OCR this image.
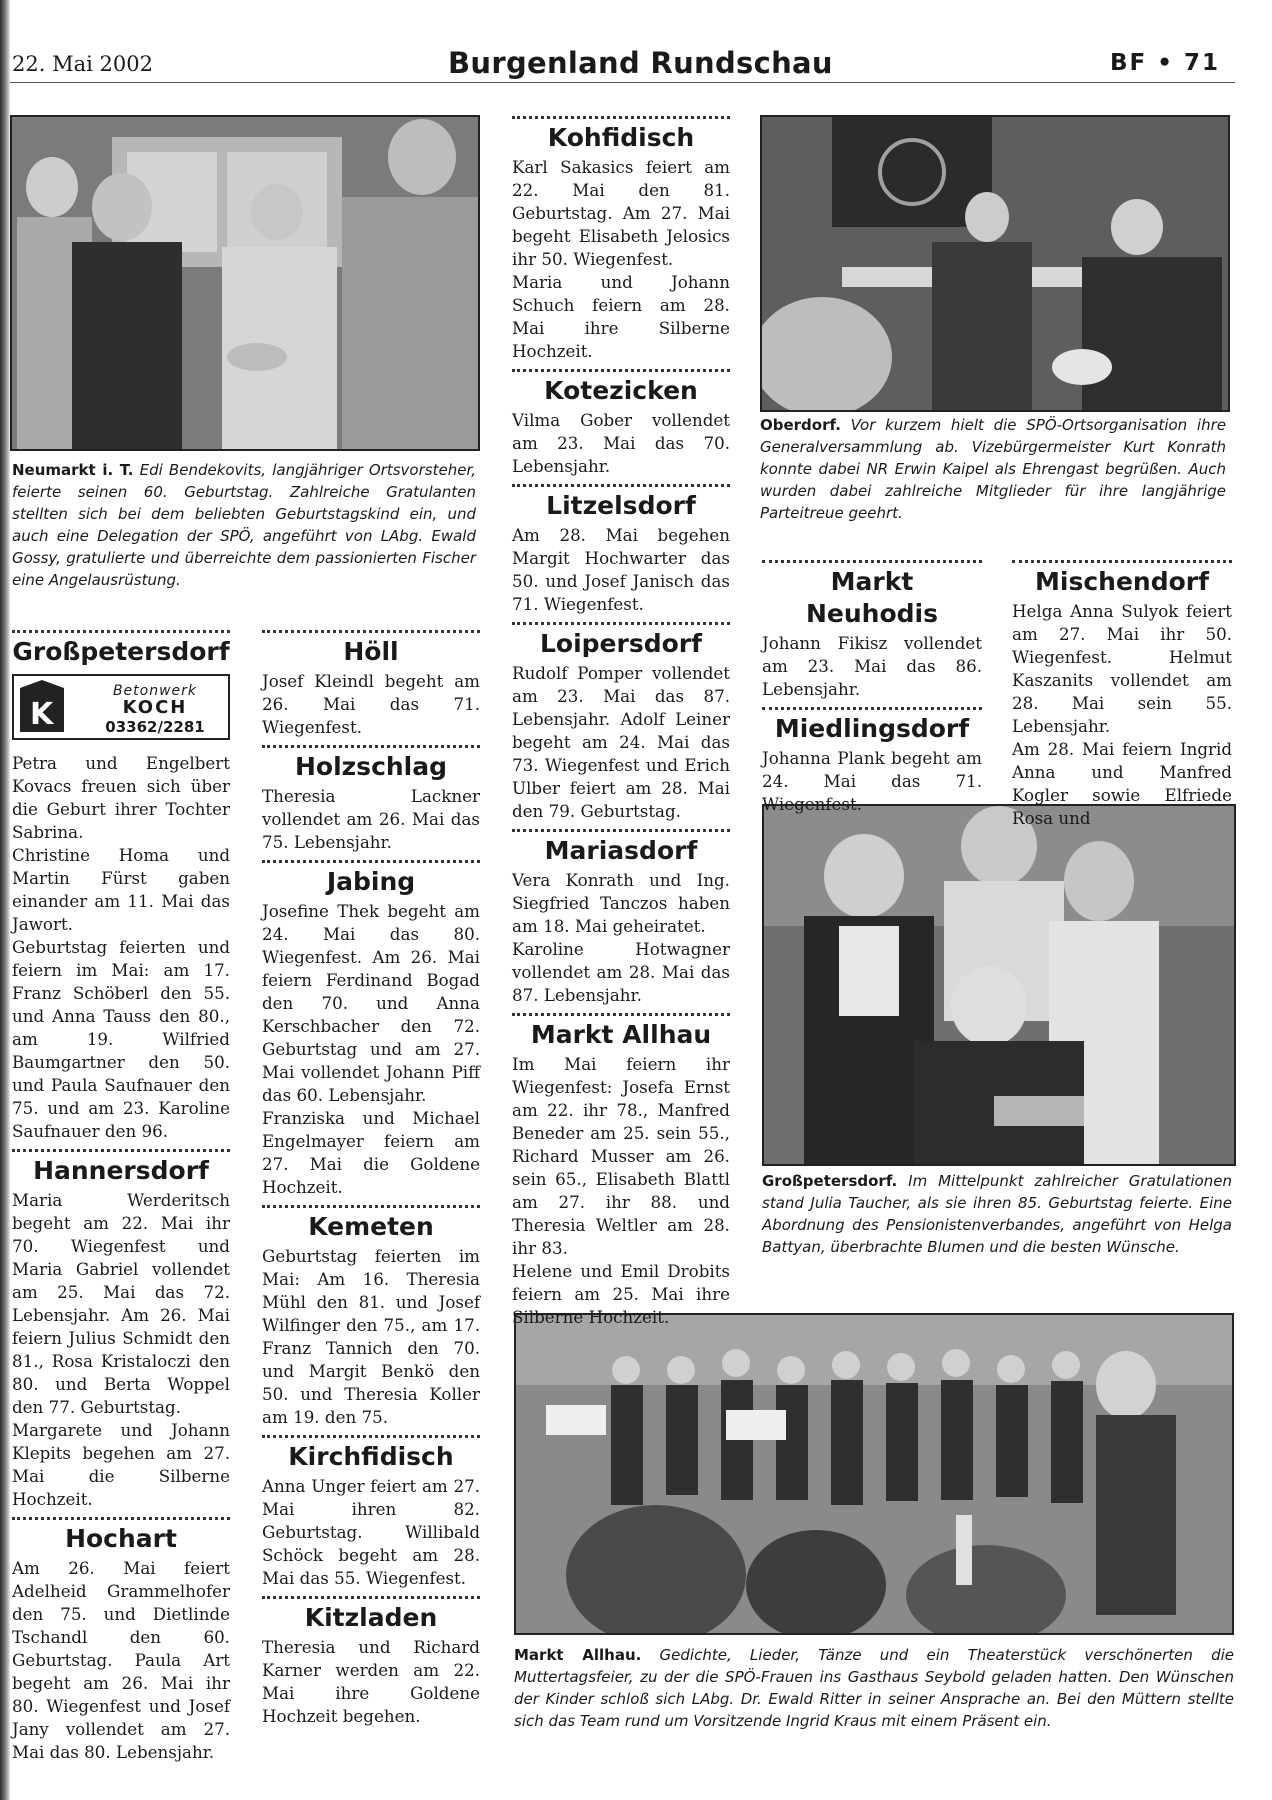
22. Mai 2002	Burgenland Rundschau	BF • 71
Neumarkt i. T. Edi Bendekovits, langjähriger Ortsvorsteher, feierte seinen 60. Geburtstag. Zahlreiche Gratulanten stellten sich bei dem beliebten Geburtstagskind ein, und auch eine Delegation der SPÖ, angeführt von LAbg. Ewald Gossy, gratulierte und überreichte dem passionierten Fischer eine Angelausrüstung.
Oberdorf. Vor kurzem hielt die SPÖ-Ortsorganisation ihre Generalversammlung ab. Vizebürgermeister Kurt Konrath konnte dabei NR Erwin Kaipel als Ehrengast begrüßen. Auch wurden dabei zahlreiche Mitglieder für ihre langjährige Parteitreue geehrt.
Großpetersdorf. Im Mittelpunkt zahlreicher Gratulationen stand Julia Taucher, als sie ihren 85. Geburtstag feierte. Eine Abordnung des Pensionistenverbandes, angeführt von Helga Battyan, überbrachte Blumen und die besten Wünsche.
Markt Allhau. Gedichte, Lieder, Tänze und ein Theaterstück verschönerten die Muttertagsfeier, zu der die SPÖ-Frauen ins Gasthaus Seybold geladen hatten. Den Wünschen der Kinder schloß sich LAbg. Dr. Ewald Ritter in seiner Ansprache an. Bei den Müttern stellte sich das Team rund um Vorsitzende Ingrid Kraus mit einem Präsent ein.
Großpetersdorf
K
Betonwerk
KOCH
03362/2281

Petra und Engelbert Kovacs freuen sich über die Geburt ihrer Tochter Sabrina.

Christine Homa und Martin Fürst gaben einander am 11. Mai das Jawort.

Geburtstag feierten und feiern im Mai: am 17. Franz Schöberl den 55. und Anna Tauss den 80., am 19. Wilfried Baumgartner den 50. und Paula Saufnauer den 75. und am 23. Karoline Saufnauer den 96.

Hannersdorf

Maria Werderitsch begeht am 22. Mai ihr 70. Wiegenfest und Maria Gabriel vollendet am 25. Mai das 72. Lebensjahr. Am 26. Mai feiern Julius Schmidt den 81., Rosa Kristaloczi den 80. und Berta Woppel den 77. Geburtstag.

Margarete und Johann Klepits begehen am 27. Mai die Silberne Hochzeit.

Hochart

Am 26. Mai feiert Adelheid Grammelhofer den 75. und Dietlinde Tschandl den 60. Geburtstag. Paula Art begeht am 26. Mai ihr 80. Wiegenfest und Josef Jany vollendet am 27. Mai das 80. Lebensjahr.

Höll

Josef Kleindl begeht am 26. Mai das 71. Wiegenfest.

Holzschlag

Theresia Lackner vollendet am 26. Mai das 75. Lebensjahr.

Jabing

Josefine Thek begeht am 24. Mai das 80. Wiegenfest. Am 26. Mai feiern Ferdinand Bogad den 70. und Anna Kerschbacher den 72. Geburtstag und am 27. Mai vollendet Johann Piff das 60. Lebensjahr.

Franziska und Michael Engelmayer feiern am 27. Mai die Goldene Hochzeit.

Kemeten

Geburtstag feierten im Mai: Am 16. Theresia Mühl den 81. und Josef Wilfinger den 75., am 17. Franz Tannich den 70. und Margit Benkö den 50. und Theresia Koller am 19. den 75.

Kirchfidisch

Anna Unger feiert am 27. Mai ihren 82. Geburtstag. Willibald Schöck begeht am 28. Mai das 55. Wiegenfest.

Kitzladen

Theresia und Richard Karner werden am 22. Mai ihre Goldene Hochzeit begehen.

Kohfidisch

Karl Sakasics feiert am 22. Mai den 81. Geburtstag. Am 27. Mai begeht Elisabeth Jelosics ihr 50. Wiegenfest.

Maria und Johann Schuch feiern am 28. Mai ihre Silberne Hochzeit.

Kotezicken

Vilma Gober vollendet am 23. Mai das 70. Lebensjahr.

Litzelsdorf

Am 28. Mai begehen Margit Hochwarter das 50. und Josef Janisch das 71. Wiegenfest.

Loipersdorf

Rudolf Pomper vollendet am 23. Mai das 87. Lebensjahr. Adolf Leiner begeht am 24. Mai das 73. Wiegenfest und Erich Ulber feiert am 28. Mai den 79. Geburtstag.

Mariasdorf

Vera Konrath und Ing. Siegfried Tanczos haben am 18. Mai geheiratet.

Karoline Hotwagner vollendet am 28. Mai das 87. Lebensjahr.

Markt Allhau

Im Mai feiern ihr Wiegenfest: Josefa Ernst am 22. ihr 78., Manfred Beneder am 25. sein 55., Richard Musser am 26. sein 65., Elisabeth Blattl am 27. ihr 88. und Theresia Weltler am 28. ihr 83.

Helene und Emil Drobits feiern am 25. Mai ihre Silberne Hochzeit.

Markt Neuhodis

Johann Fikisz vollendet am 23. Mai das 86. Lebensjahr.

Miedlingsdorf

Johanna Plank begeht am 24. Mai das 71. Wiegenfest.

Mischendorf

Helga Anna Sulyok feiert am 27. Mai ihr 50. Wiegenfest. Helmut Kaszanits vollendet am 28. Mai sein 55. Lebensjahr.

Am 28. Mai feiern Ingrid Anna und Manfred Kogler sowie Elfriede Rosa und
